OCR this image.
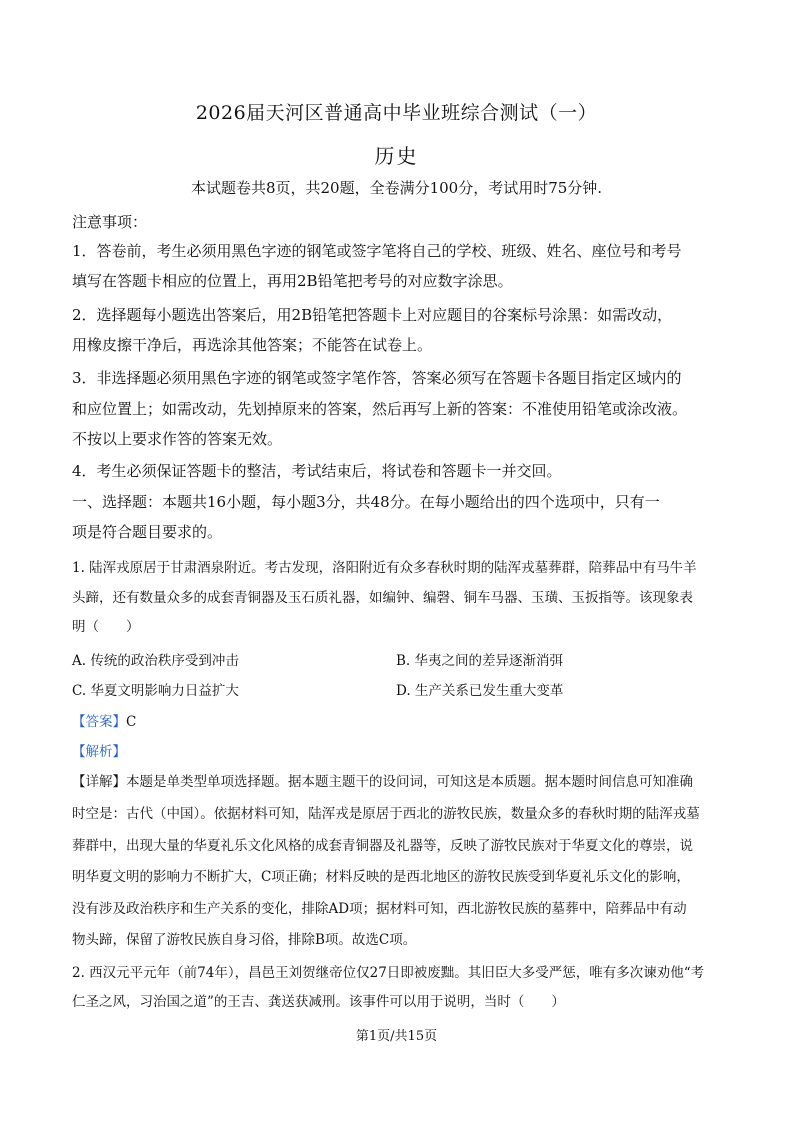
2026届天河区普通高中毕业班综合测试（一）
历史
本试题卷共8页，共20题，全卷满分100分，考试用时75分钟.
注意事项：
1．答卷前，考生必须用黑色字迹的钢笔或签字笔将自己的学校、班级、姓名、座位号和考号
填写在答题卡相应的位置上，再用2B铅笔把考号的对应数字涂思。
2．选择题每小题选出答案后，用2B铅笔把答题卡上对应题目的谷案标号涂黑：如需改动，
用橡皮擦干净后，再选涂其他答案；不能答在试卷上。
3．非选择题必须用黑色字迹的钢笔或签字笔作答，答案必须写在答题卡各题目指定区域内的
和应位置上；如需改动，先划掉原来的答案，然后再写上新的答案：不准使用铅笔或涂改液。
不按以上要求作答的答案无效。
4．考生必须保证答题卡的整洁，考试结束后，将试卷和答题卡一并交回。
一、选择题：本题共16小题，每小题3分，共48分。在每小题给出的四个选项中，只有一
项是符合题目要求的。
1. 陆浑戎原居于甘肃酒泉附近。考古发现，洛阳附近有众多春秋时期的陆浑戎墓葬群，陪葬品中有马牛羊
头蹄，还有数量众多的成套青铜器及玉石质礼器，如编钟、编磬、铜车马器、玉璜、玉扳指等。该现象表
明（　　）
A. 传统的政治秩序受到冲击	B. 华夷之间的差异逐渐消弭
C. 华夏文明影响力日益扩大	D. 生产关系已发生重大变革
【答案】C
【解析】
【详解】本题是单类型单项选择题。据本题主题干的设问词，可知这是本质题。据本题时间信息可知准确
时空是：古代（中国）。依据材料可知，陆浑戎是原居于西北的游牧民族，数量众多的春秋时期的陆浑戎墓
葬群中，出现大量的华夏礼乐文化风格的成套青铜器及礼器等，反映了游牧民族对于华夏文化的尊崇，说
明华夏文明的影响力不断扩大，C项正确；材料反映的是西北地区的游牧民族受到华夏礼乐文化的影响，
没有涉及政治秩序和生产关系的变化，排除AD项；据材料可知，西北游牧民族的墓葬中，陪葬品中有动
物头蹄，保留了游牧民族自身习俗，排除B项。故选C项。
2. 西汉元平元年（前74年），昌邑王刘贺继帝位仅27日即被废黜。其旧臣大多受严惩，唯有多次谏劝他“考
仁圣之风，习治国之道”的王吉、龚送获减刑。该事件可以用于说明，当时（　　）
第1页/共15页
